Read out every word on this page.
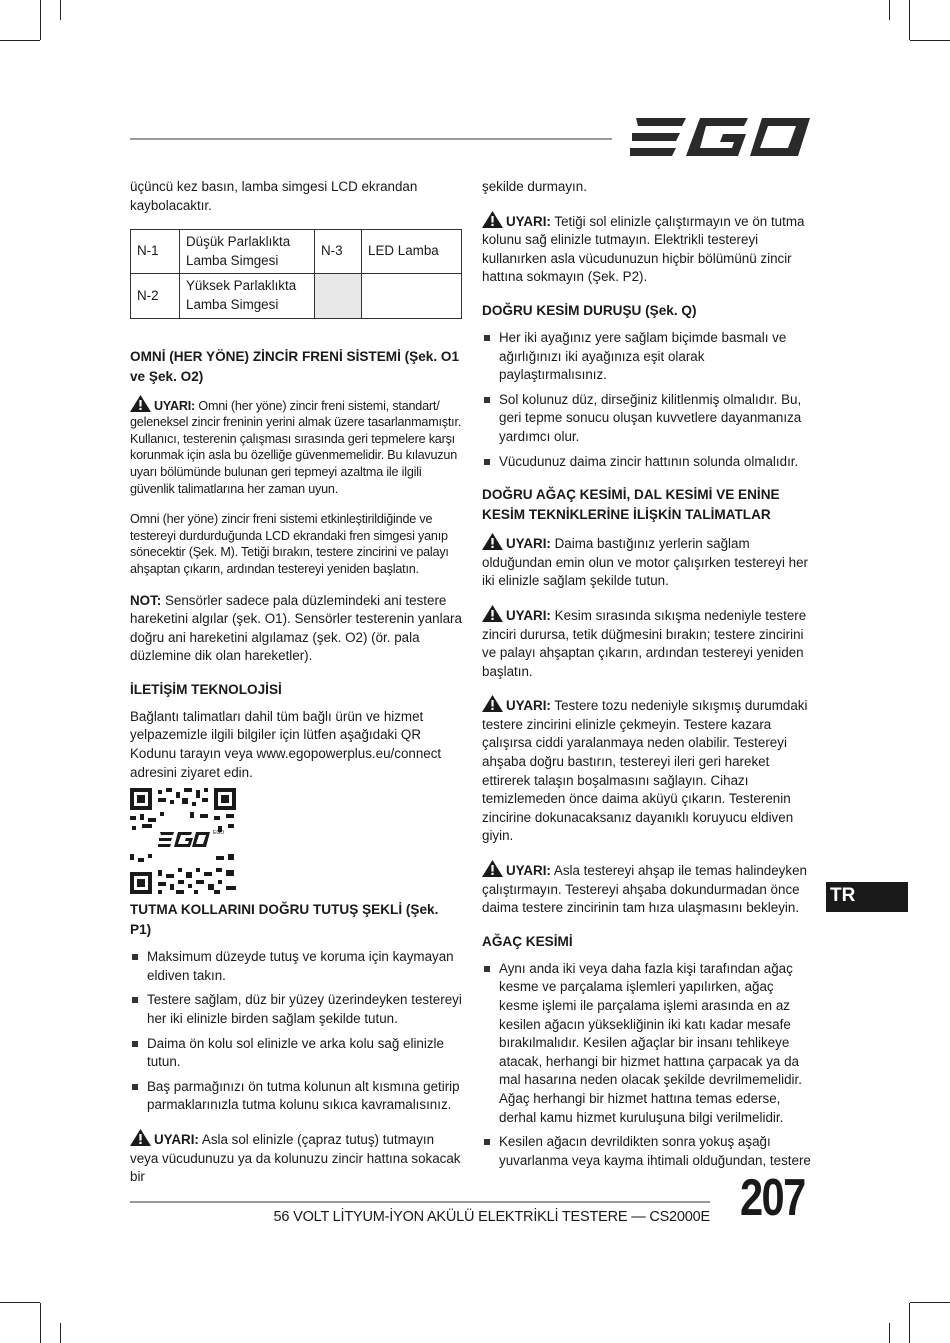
üçüncü kez basın, lamba simgesi LCD ekrandan kaybolacaktır.

N-1	Düşük Parlaklıkta Lamba Simgesi	N-3	LED Lamba
N-2	Yüksek Parlaklıkta Lamba Simgesi		
OMNİ (HER YÖNE) ZİNCİR FRENİ SİSTEMİ (Şek. O1 ve Şek. O2)

UYARI: Omni (her yöne) zincir freni sistemi, standart/ geleneksel zincir freninin yerini almak üzere tasarlanmamıştır. Kullanıcı, testerenin çalışması sırasında geri tepmelere karşı korunmak için asla bu özelliğe güvenmemelidir. Bu kılavuzun uyarı bölümünde bulunan geri tepmeyi azaltma ile ilgili güvenlik talimatlarına her zaman uyun.

Omni (her yöne) zincir freni sistemi etkinleştirildiğinde ve testereyi durdurduğunda LCD ekrandaki fren simgesi yanıp sönecektir (Şek. M). Tetiği bırakın, testere zincirini ve palayı ahşaptan çıkarın, ardından testereyi yeniden başlatın.

NOT: Sensörler sadece pala düzlemindeki ani testere hareketini algılar (şek. O1). Sensörler testerenin yanlara doğru ani hareketini algılamaz (şek. O2) (ör. pala düzlemine dik olan hareketler).

İLETİŞİM TEKNOLOJİSİ

Bağlantı talimatları dahil tüm bağlı ürün ve hizmet yelpazemizle ilgili bilgiler için lütfen aşağıdaki QR Kodunu tarayın veya www.egopowerplus.eu/connect adresini ziyaret edin.

EGO
TUTMA KOLLARINI DOĞRU TUTUŞ ŞEKLİ (Şek. P1)
Maksimum düzeyde tutuş ve koruma için kaymayan eldiven takın.
Testere sağlam, düz bir yüzey üzerindeyken testereyi her iki elinizle birden sağlam şekilde tutun.
Daima ön kolu sol elinizle ve arka kolu sağ elinizle tutun.
Baş parmağınızı ön tutma kolunun alt kısmına getirip parmaklarınızla tutma kolunu sıkıca kavramalısınız.

UYARI: Asla sol elinizle (çapraz tutuş) tutmayın veya vücudunuzu ya da kolunuzu zincir hattına sokacak bir

şekilde durmayın.

UYARI: Tetiği sol elinizle çalıştırmayın ve ön tutma kolunu sağ elinizle tutmayın. Elektrikli testereyi kullanırken asla vücudunuzun hiçbir bölümünü zincir hattına sokmayın (Şek. P2).

DOĞRU KESİM DURUŞU (Şek. Q)
Her iki ayağınız yere sağlam biçimde basmalı ve ağırlığınızı iki ayağınıza eşit olarak paylaştırmalısınız.
Sol kolunuz düz, dirseğiniz kilitlenmiş olmalıdır. Bu, geri tepme sonucu oluşan kuvvetlere dayanmanıza yardımcı olur.
Vücudunuz daima zincir hattının solunda olmalıdır.
DOĞRU AĞAÇ KESİMİ, DAL KESİMİ VE ENİNE KESİM TEKNİKLERİNE İLİŞKİN TALİMATLAR

UYARI: Daima bastığınız yerlerin sağlam olduğundan emin olun ve motor çalışırken testereyi her iki elinizle sağlam şekilde tutun.

UYARI: Kesim sırasında sıkışma nedeniyle testere zinciri durursa, tetik düğmesini bırakın; testere zincirini ve palayı ahşaptan çıkarın, ardından testereyi yeniden başlatın.

UYARI: Testere tozu nedeniyle sıkışmış durumdaki testere zincirini elinizle çekmeyin. Testere kazara çalışırsa ciddi yaralanmaya neden olabilir. Testereyi ahşaba doğru bastırın, testereyi ileri geri hareket ettirerek talaşın boşalmasını sağlayın. Cihazı temizlemeden önce daima aküyü çıkarın. Testerenin zincirine dokunacaksanız dayanıklı koruyucu eldiven giyin.

UYARI: Asla testereyi ahşap ile temas halindeyken çalıştırmayın. Testereyi ahşaba dokundurmadan önce daima testere zincirinin tam hıza ulaşmasını bekleyin.

AĞAÇ KESİMİ
Aynı anda iki veya daha fazla kişi tarafından ağaç kesme ve parçalama işlemleri yapılırken, ağaç kesme işlemi ile parçalama işlemi arasında en az kesilen ağacın yüksekliğinin iki katı kadar mesafe bırakılmalıdır. Kesilen ağaçlar bir insanı tehlikeye atacak, herhangi bir hizmet hattına çarpacak ya da mal hasarına neden olacak şekilde devrilmemelidir. Ağaç herhangi bir hizmet hattına temas ederse, derhal kamu hizmet kuruluşuna bilgi verilmelidir.
Kesilen ağacın devrildikten sonra yokuş aşağı yuvarlanma veya kayma ihtimali olduğundan, testere
TR
56 VOLT LİTYUM-İYON AKÜLÜ ELEKTRİKLİ TESTERE — CS2000E 207
